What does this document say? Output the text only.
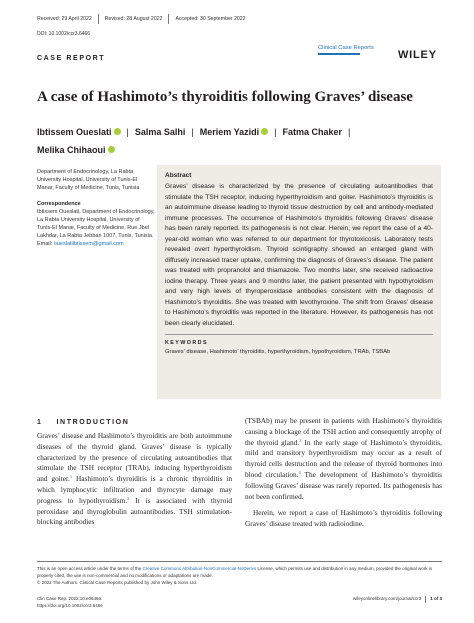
Received: 29 April 2022	Revised: 28 August 2022	Accepted: 30 September 2022
DOI: 10.1002/ccr3.6466
CASE REPORT
Clinical Case Reports
WILEY
A case of Hashimoto’s thyroiditis following Graves’ disease
Ibtissem Oueslati | Salma Salhi | Meriem Yazidi | Fatma Chaker |
Melika Chihaoui
Department of Endocrinology, La Rabta University Hospital, University of Tunis-El Manar, Faculty of Medicine, Tunis, Tunisia
Correspondence
Ibtissem Oueslati, Department of Endocrinology, La Rabta University Hospital, University of Tunis-El Manar, Faculty of Medicine, Rue Jbel Lakhdar, La Rabta Jebbari 1007, Tunis, Tunisia.
Email: oueslatiibtissem@gmail.com
Abstract
Graves’ disease is characterized by the presence of circulating autoantibodies that stimulate the TSH receptor, inducing hyperthyroidism and goiter. Hashimoto’s thyroiditis is an autoimmune disease leading to thyroid tissue destruction by cell and antibody-mediated immune processes. The occurrence of Hashimoto’s thyroiditis following Graves’ disease has been rarely reported. Its pathogenesis is not clear. Herein, we report the case of a 40-year-old woman who was referred to our department for thyrotoxicosis. Laboratory tests revealed overt hyperthyroidism. Thyroid scintigraphy showed an enlarged gland with diffusely increased tracer uptake, confirming the diagnosis of Graves’s disease. The patient was treated with propranolol and thiamazole. Two months later, she received radioactive iodine therapy. Three years and 9 months later, the patient presented with hypothyroidism and very high levels of thyroperoxidase antibodies consistent with the diagnosis of Hashimoto’s thyroiditis. She was treated with levothyroxine. The shift from Graves’ disease to Hashimoto’s thyroiditis was reported in the literature. However, its pathogenesis has not been clearly elucidated.
KEYWORDS
Graves’ disease, Hashimoto’ thyroiditis, hyperthyroidism, hypothyroidism, TRAb, TSBAb
1 INTRODUCTION

Graves’ disease and Hashimoto’s thyroiditis are both autoimmune diseases of the thyroid gland. Graves’ disease is typically characterized by the presence of circulating autoantibodies that stimulate the TSH receptor (TRAb), inducing hyperthyroidism and goiter.$^1$ Hashimoto’s thyroiditis is a chronic thyroiditis in which lymphocytic infiltration and thyrocyte damage may progress to hypothyroidism.$^2$ It is associated with thyroid peroxidase and thyroglobulin autoantibodies. TSH stimulation-blocking antibodies

(TSBAb) may be present in patients with Hashimoto’s thyroiditis causing a blockage of the TSH action and consequently atrophy of the thyroid gland.$^3$ In the early stage of Hashimoto’s thyroiditis, mild and transitory hyperthyroidism may occur as a result of thyroid cells destruction and the release of thyroid hormones into blood circulation.$^4$ The development of Hashimoto’s thyroiditis following Graves’ disease was rarely reported. Its pathogenesis has not been confirmed.

Herein, we report a case of Hashimoto’s thyroiditis following Graves’ disease treated with radioiodine.

This is an open access article under the terms of the Creative Commons Attribution-NonCommercial-NoDerivs License, which permits use and distribution in any medium, provided the original work is properly cited, the use is non-commercial and no modifications or adaptations are made.
© 2022 The Authors. Clinical Case Reports published by John Wiley & Sons Ltd.
Clin Case Rep. 2022;10:e06466.
https://doi.org/10.1002/ccr3.6466
wileyonlinelibrary.com/journal/ccr3	1 of 3
